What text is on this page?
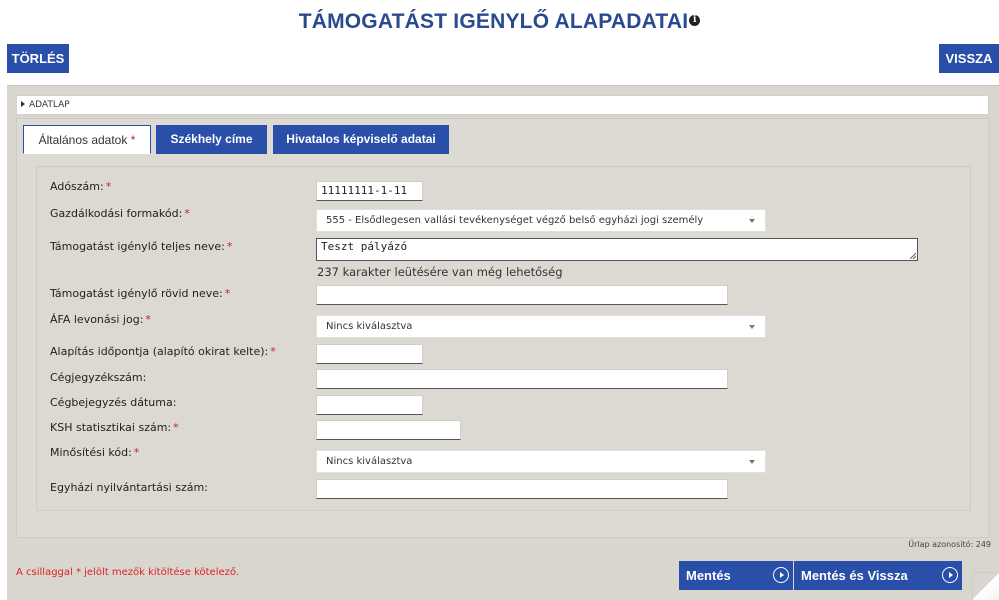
TÁMOGATÁST IGÉNYLŐ ALAPADATAI i
TÖRLÉS	VISSZA
ADATLAP
Általános adatok *	Székhely címe	Hivatalos képviselő adatai
Adószám: *	11111111-1-11
Gazdálkodási formakód: *
555 - Elsődlegesen vallási tevékenységet végző belső egyházi jogi személy
Támogatást igénylő teljes neve: *	Teszt pályázó
237 karakter leütésére van még lehetőség
Támogatást igénylő rövid neve: *
ÁFA levonási jog: *
Nincs kiválasztva
Alapítás időpontja (alapító okirat kelte): *
Cégjegyzékszám:
Cégbejegyzés dátuma:
KSH statisztikai szám: *
Minősítési kód: *
Nincs kiválasztva
Egyházi nyilvántartási szám:
Űrlap azonosító: 249
A csillaggal * jelölt mezők kitöltése kötelező.	Mentés	Mentés és Vissza
